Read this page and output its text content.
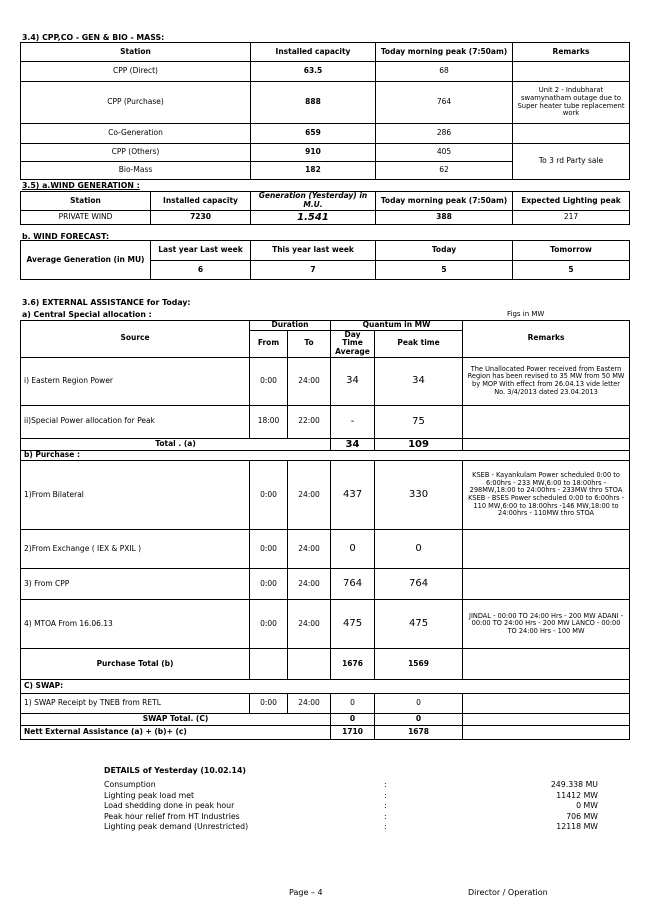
3.4) CPP,CO - GEN & BIO - MASS:
Station	Installed capacity	Today morning peak (7:50am)	Remarks
CPP (Direct)	63.5	68	
CPP (Purchase)	888	764	Unit 2 - Indubharat swamynatham outage due to Super heater tube replacement work
Co-Generation	659	286	
CPP (Others)	910	405	To 3 rd Party sale
Bio-Mass	182	62	
3.5) a.WIND GENERATION :
Station	Installed capacity	Generation (Yesterday) in M.U.	Today morning peak (7:50am)	Expected Lighting peak
PRIVATE WIND	7230	1.541	388	217
b. WIND FORECAST:
Average Generation (in MU)	Last year Last week	This year last week	Today	Tomorrow
	6	7	5	5
3.6) EXTERNAL ASSISTANCE for Today:
a) Central Special allocation :	Figs in MW
Source	Duration		Quantum in MW		Remarks
	From	To	Day Time Average	Peak time	
i) Eastern Region Power	0:00	24:00	34	34	The Unallocated Power received from Eastern Region has been revised to 35 MW from 50 MW by MOP With effect from 26.04.13 vide letter No. 3/4/2013 dated 23.04.2013
ii)Special Power allocation for Peak	18:00	22:00	-	75	
Total . (a)			34	109	
b) Purchase :					
1)From Bilateral	0:00	24:00	437	330	KSEB - Kayankulam Power scheduled 0:00 to 6:00hrs - 233 MW,6:00 to 18:00hrs - 298MW,18:00 to 24:00hrs - 233MW thro STOA KSEB - BSES Power scheduled 0:00 to 6:00hrs - 110 MW,6:00 to 18:00hrs -146 MW,18:00 to 24:00hrs - 110MW thro STOA
2)From Exchange ( IEX & PXIL )	0:00	24:00	0	0	
3) From CPP	0:00	24:00	764	764	
4) MTOA From 16.06.13	0:00	24:00	475	475	JINDAL - 00:00 TO 24:00 Hrs - 200 MW ADANI - 00:00 TO 24:00 Hrs - 200 MW LANCO - 00:00 TO 24:00 Hrs - 100 MW
Purchase Total (b)			1676	1569	
C) SWAP:					
1) SWAP Receipt by TNEB from RETL	0:00	24:00	0	0	
SWAP Total. (C)			0	0	
Nett External Assistance (a) + (b)+ (c)			1710	1678	
DETAILS of Yesterday (10.02.14)
Consumption	:	249.338 MU
Lighting peak load met	:	11412 MW
Load shedding done in peak hour	:	0 MW
Peak hour relief from HT Industries	:	706 MW
Lighting peak demand (Unrestricted)	:	12118 MW
Page – 4	Director / Operation
